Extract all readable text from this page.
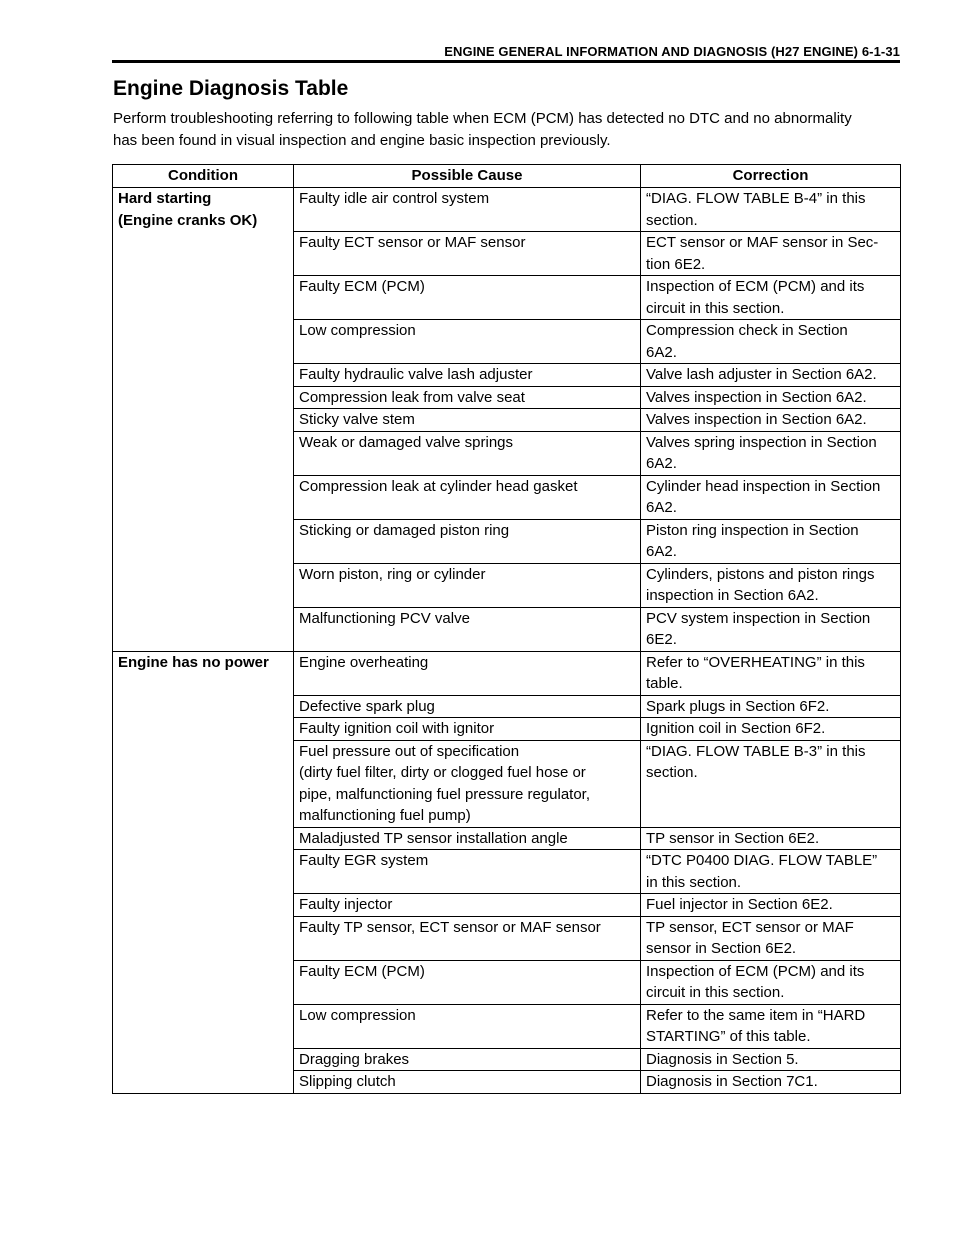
ENGINE GENERAL INFORMATION AND DIAGNOSIS (H27 ENGINE) 6-1-31
Engine Diagnosis Table

Perform troubleshooting referring to following table when ECM (PCM) has detected no DTC and no abnormality
has been found in visual inspection and engine basic inspection previously.

Condition	Possible Cause	Correction

Hard starting
(Engine cranks OK)	Faulty idle air control system	“DIAG. FLOW TABLE B-4” in this
section.

	Faulty ECT sensor or MAF sensor	ECT sensor or MAF sensor in Sec-
tion 6E2.

	Faulty ECM (PCM)	Inspection of ECM (PCM) and its
circuit in this section.

	Low compression	Compression check in Section
6A2.

	Faulty hydraulic valve lash adjuster	Valve lash adjuster in Section 6A2.

	Compression leak from valve seat	Valves inspection in Section 6A2.

	Sticky valve stem	Valves inspection in Section 6A2.

	Weak or damaged valve springs	Valves spring inspection in Section
6A2.

	Compression leak at cylinder head gasket	Cylinder head inspection in Section
6A2.

	Sticking or damaged piston ring	Piston ring inspection in Section
6A2.

	Worn piston, ring or cylinder	Cylinders, pistons and piston rings
inspection in Section 6A2.

	Malfunctioning PCV valve	PCV system inspection in Section
6E2.

Engine has no power	Engine overheating	Refer to “OVERHEATING” in this
table.

	Defective spark plug	Spark plugs in Section 6F2.

	Faulty ignition coil with ignitor	Ignition coil in Section 6F2.

	Fuel pressure out of specification
(dirty fuel filter, dirty or clogged fuel hose or
pipe, malfunctioning fuel pressure regulator,
malfunctioning fuel pump)	“DIAG. FLOW TABLE B-3” in this
section.

	Maladjusted TP sensor installation angle	TP sensor in Section 6E2.

	Faulty EGR system	“DTC P0400 DIAG. FLOW TABLE”
in this section.

	Faulty injector	Fuel injector in Section 6E2.

	Faulty TP sensor, ECT sensor or MAF sensor	TP sensor, ECT sensor or MAF
sensor in Section 6E2.

	Faulty ECM (PCM)	Inspection of ECM (PCM) and its
circuit in this section.

	Low compression	Refer to the same item in “HARD
STARTING” of this table.

	Dragging brakes	Diagnosis in Section 5.

	Slipping clutch	Diagnosis in Section 7C1.
